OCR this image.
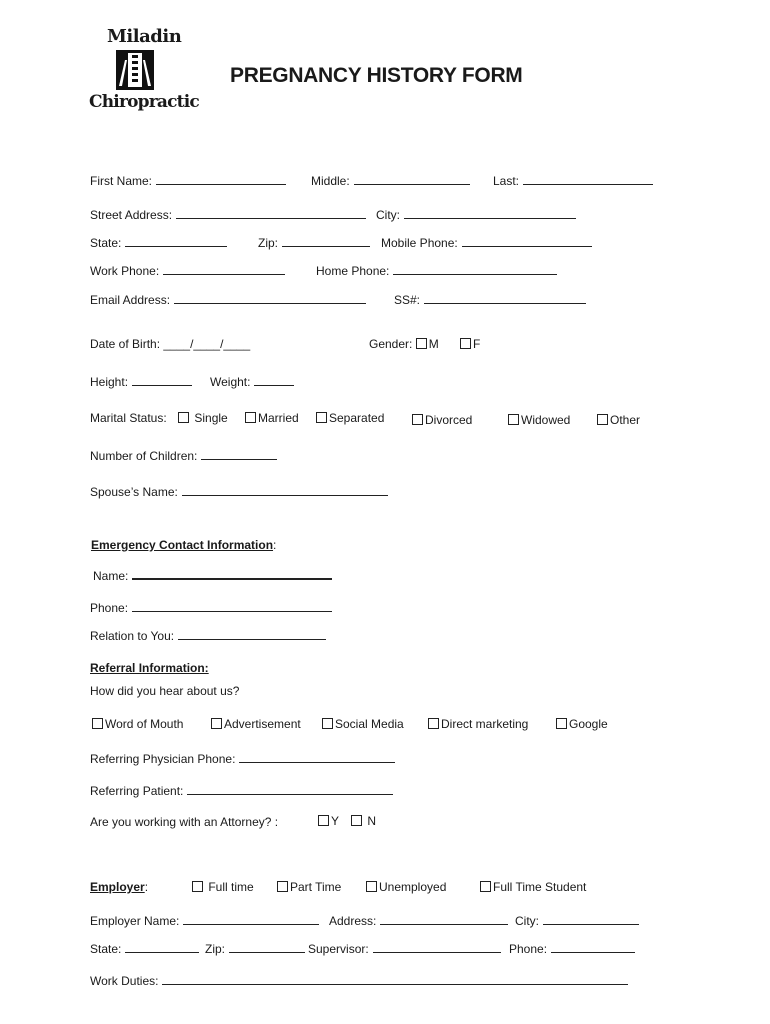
Miladin
Chiropractic
PREGNANCY HISTORY FORM
First Name:	Middle:	Last:
Street Address:	City:
State:	Zip:	Mobile Phone:
Work Phone:	Home Phone:
Email Address:	SS#:
Date of Birth: ____/____/____	Gender: M	F
Height:	Weight:
Marital Status:	Single	Married	Separated	Divorced	Widowed	Other
Number of Children:
Spouse’s Name:
Emergency Contact Information:
Name:
Phone:
Relation to You:
Referral Information:
How did you hear about us?
Word of Mouth	Advertisement	Social Media	Direct marketing	Google
Referring Physician Phone:
Referring Patient:
Are you working with an Attorney? :	Y	N
Employer:	Full time	Part Time	Unemployed	Full Time Student
Employer Name:	Address:	City:
State:	Zip:	Supervisor:	Phone:
Work Duties:
